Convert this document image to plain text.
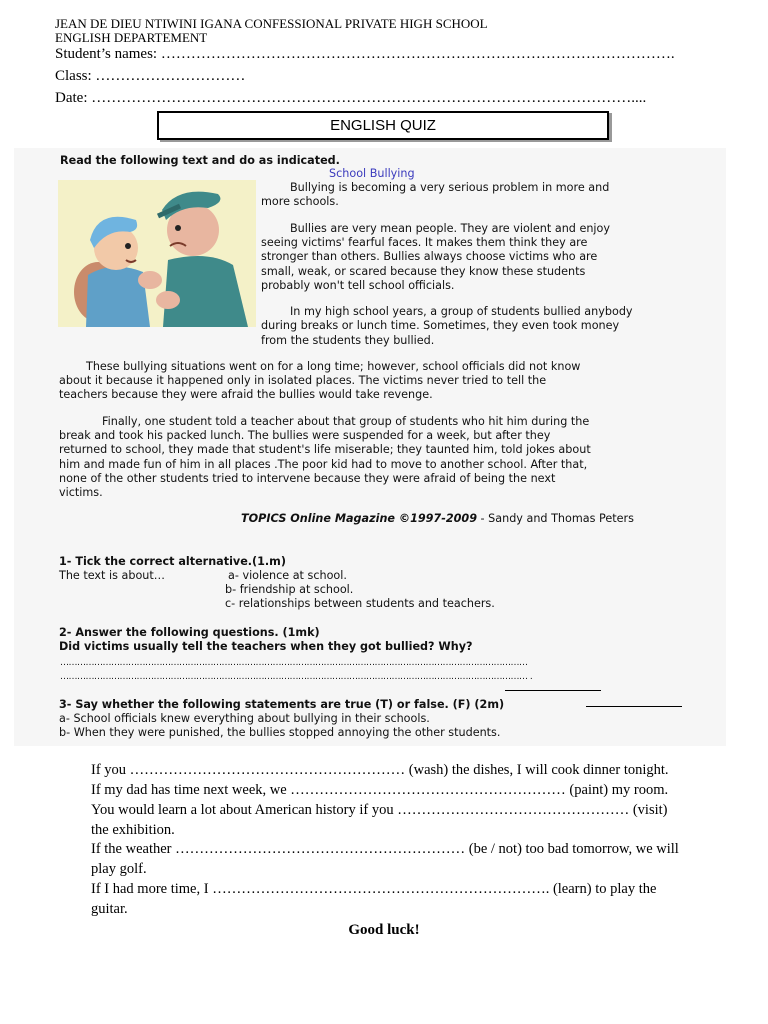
JEAN DE DIEU NTIWINI IGANA CONFESSIONAL PRIVATE HIGH SCHOOL
ENGLISH DEPARTEMENT
Student’s names: ………………………………………………………………………………………….
Class: …………………………
Date: ………………………………………………………………………………………………....
ENGLISH QUIZ
Read the following text and do as indicated.
School Bullying
Bullying is becoming a very serious problem in more and
more schools.
Bullies are very mean people. They are violent and enjoy
seeing victims' fearful faces. It makes them think they are
stronger than others. Bullies always choose victims who are
small, weak, or scared because they know these students
probably won't tell school officials.
In my high school years, a group of students bullied anybody
during breaks or lunch time. Sometimes, they even took money
from the students they bullied.
These bullying situations went on for a long time; however, school officials did not know
about it because it happened only in isolated places. The victims never tried to tell the
teachers because they were afraid the bullies would take revenge.
Finally, one student told a teacher about that group of students who hit him during the
break and took his packed lunch. The bullies were suspended for a week, but after they
returned to school, they made that student's life miserable; they taunted him, told jokes about
him and made fun of him in all places .The poor kid had to move to another school. After that,
none of the other students tried to intervene because they were afraid of being the next
victims.
TOPICS Online Magazine ©1997-2009 - Sandy and Thomas Peters
1- Tick the correct alternative.(1.m)
The text is about…	a- violence at school.
b- friendship at school.
c- relationships between students and teachers.
2- Answer the following questions. (1mk)
Did victims usually tell the teachers when they got bullied? Why?
…………………………………………………………………………………………………………………………………………………
………………………………………………………………………………………………………………………………………………… .
3- Say whether the following statements are true (T) or false. (F) (2m)
a- School officials knew everything about bullying in their schools.
b- When they were punished, the bullies stopped annoying the other students.
If you ………………………………………………… (wash) the dishes, I will cook dinner tonight.
If my dad has time next week, we ………………………………………………… (paint) my room.
You would learn a lot about American history if you ………………………………………… (visit) the exhibition.
If the weather …………………………………………………… (be / not) too bad tomorrow, we will play golf.
If I had more time, I ……………………………………………………………. (learn) to play the guitar.
Good luck!
